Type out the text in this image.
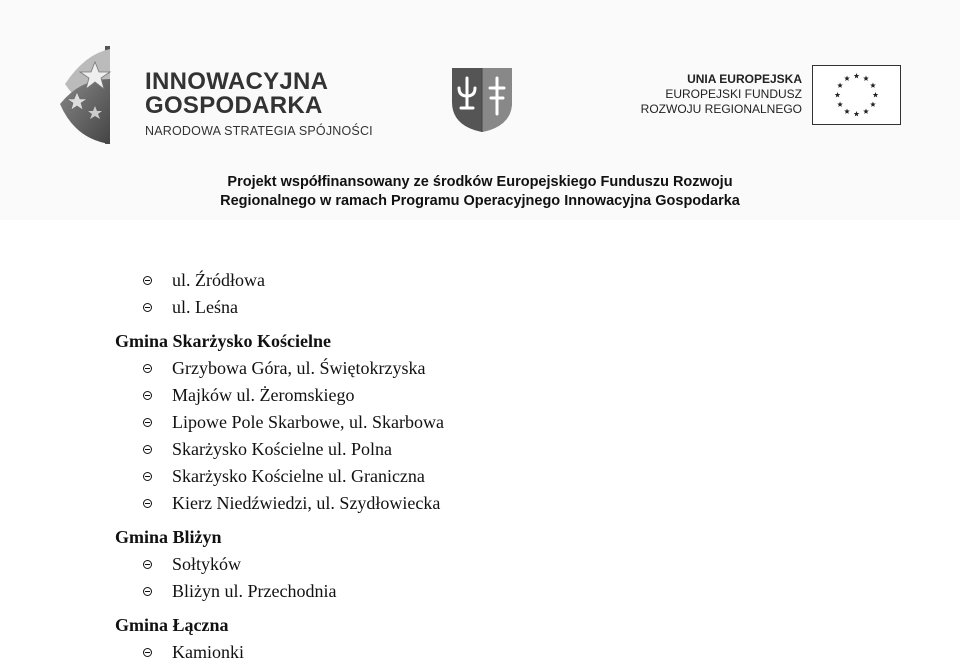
INNOWACYJNA
GOSPODARKA
NARODOWA STRATEGIA SPÓJNOŚCI
UNIA EUROPEJSKA
EUROPEJSKI FUNDUSZ
ROZWOJU REGIONALNEGO
Projekt współfinansowany ze środków Europejskiego Funduszu Rozwoju
Regionalnego w ramach Programu Operacyjnego Innowacyjna Gospodarka
ul. Źródłowa
ul. Leśna
Gmina Skarżysko Kościelne
Grzybowa Góra, ul. Świętokrzyska
Majków ul. Żeromskiego
Lipowe Pole Skarbowe, ul. Skarbowa
Skarżysko Kościelne ul. Polna
Skarżysko Kościelne ul. Graniczna
Kierz Niedźwiedzi, ul. Szydłowiecka
Gmina Bliżyn
Sołtyków
Bliżyn ul. Przechodnia
Gmina Łączna
Kamionki
